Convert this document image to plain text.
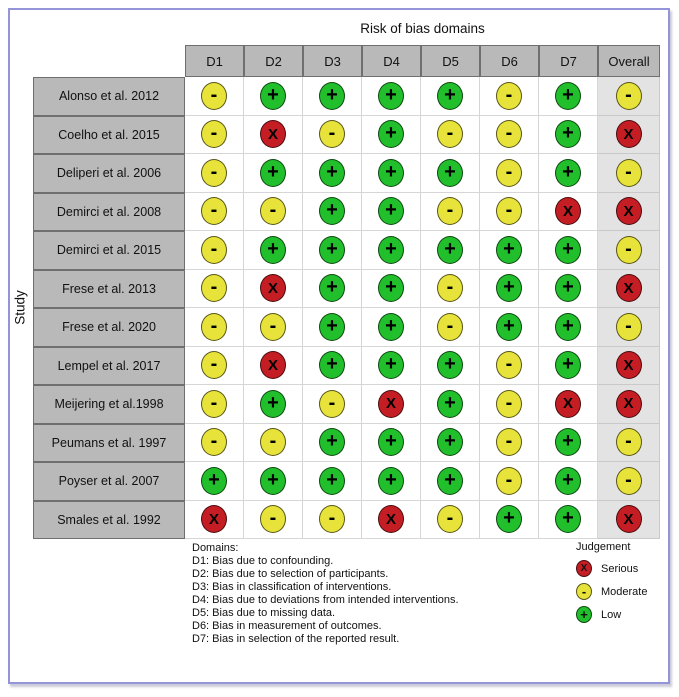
Risk of bias domains
Study
D1	D2	D3	D4	D5	D6	D7	Overall
Alonso et al. 2012	-	+	+	+	+	-	+	-
Coelho et al. 2015	-	X	-	+	-	-	+	X
Deliperi et al. 2006	-	+	+	+	+	-	+	-
Demirci et al. 2008	-	-	+	+	-	-	X	X
Demirci et al. 2015	-	+	+	+	+	+	+	-
Frese et al. 2013	-	X	+	+	-	+	+	X
Frese et al. 2020	-	-	+	+	-	+	+	-
Lempel et al. 2017	-	X	+	+	+	-	+	X
Meijering et al.1998	-	+	-	X	+	-	X	X
Peumans et al. 1997	-	-	+	+	+	-	+	-
Poyser et al. 2007	+	+	+	+	+	-	+	-
Smales et al. 1992	X	-	-	X	-	+	+	X
Domains:
D1: Bias due to confounding.
D2: Bias due to selection of participants.
D3: Bias in classification of interventions.
D4: Bias due to deviations from intended interventions.
D5: Bias due to missing data.
D6: Bias in measurement of outcomes.
D7: Bias in selection of the reported result.
Judgement
X	Serious
-	Moderate
+	Low
